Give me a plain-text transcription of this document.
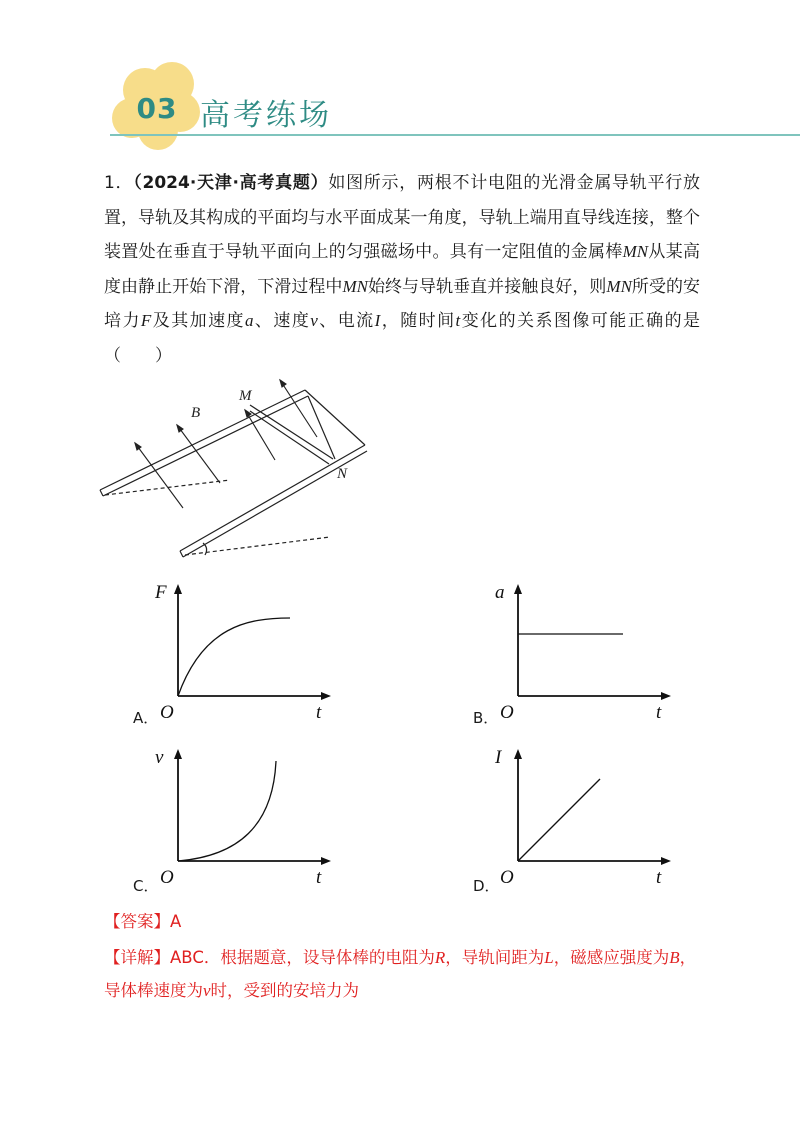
03 高考练场
1．（2024·天津·高考真题）如图所示，两根不计电阻的光滑金属导轨平行放置，导轨及其构成的平面均与水平面成某一角度，导轨上端用直导线连接，整个装置处在垂直于导轨平面向上的匀强磁场中。具有一定阻值的金属棒MN从某高度由静止开始下滑，下滑过程中MN始终与导轨垂直并接触良好，则MN所受的安培力F及其加速度a、速度v、电流I，随时间t变化的关系图像可能正确的是（　　）
B
M
N
F
t
O
A．
a
t
O
B．
v
t
O
C．
I
t
O
D．
【答案】A
【详解】ABC．根据题意，设导体棒的电阻为R，导轨间距为L，磁感应强度为B，导体棒速度为v时，受到的安培力为
